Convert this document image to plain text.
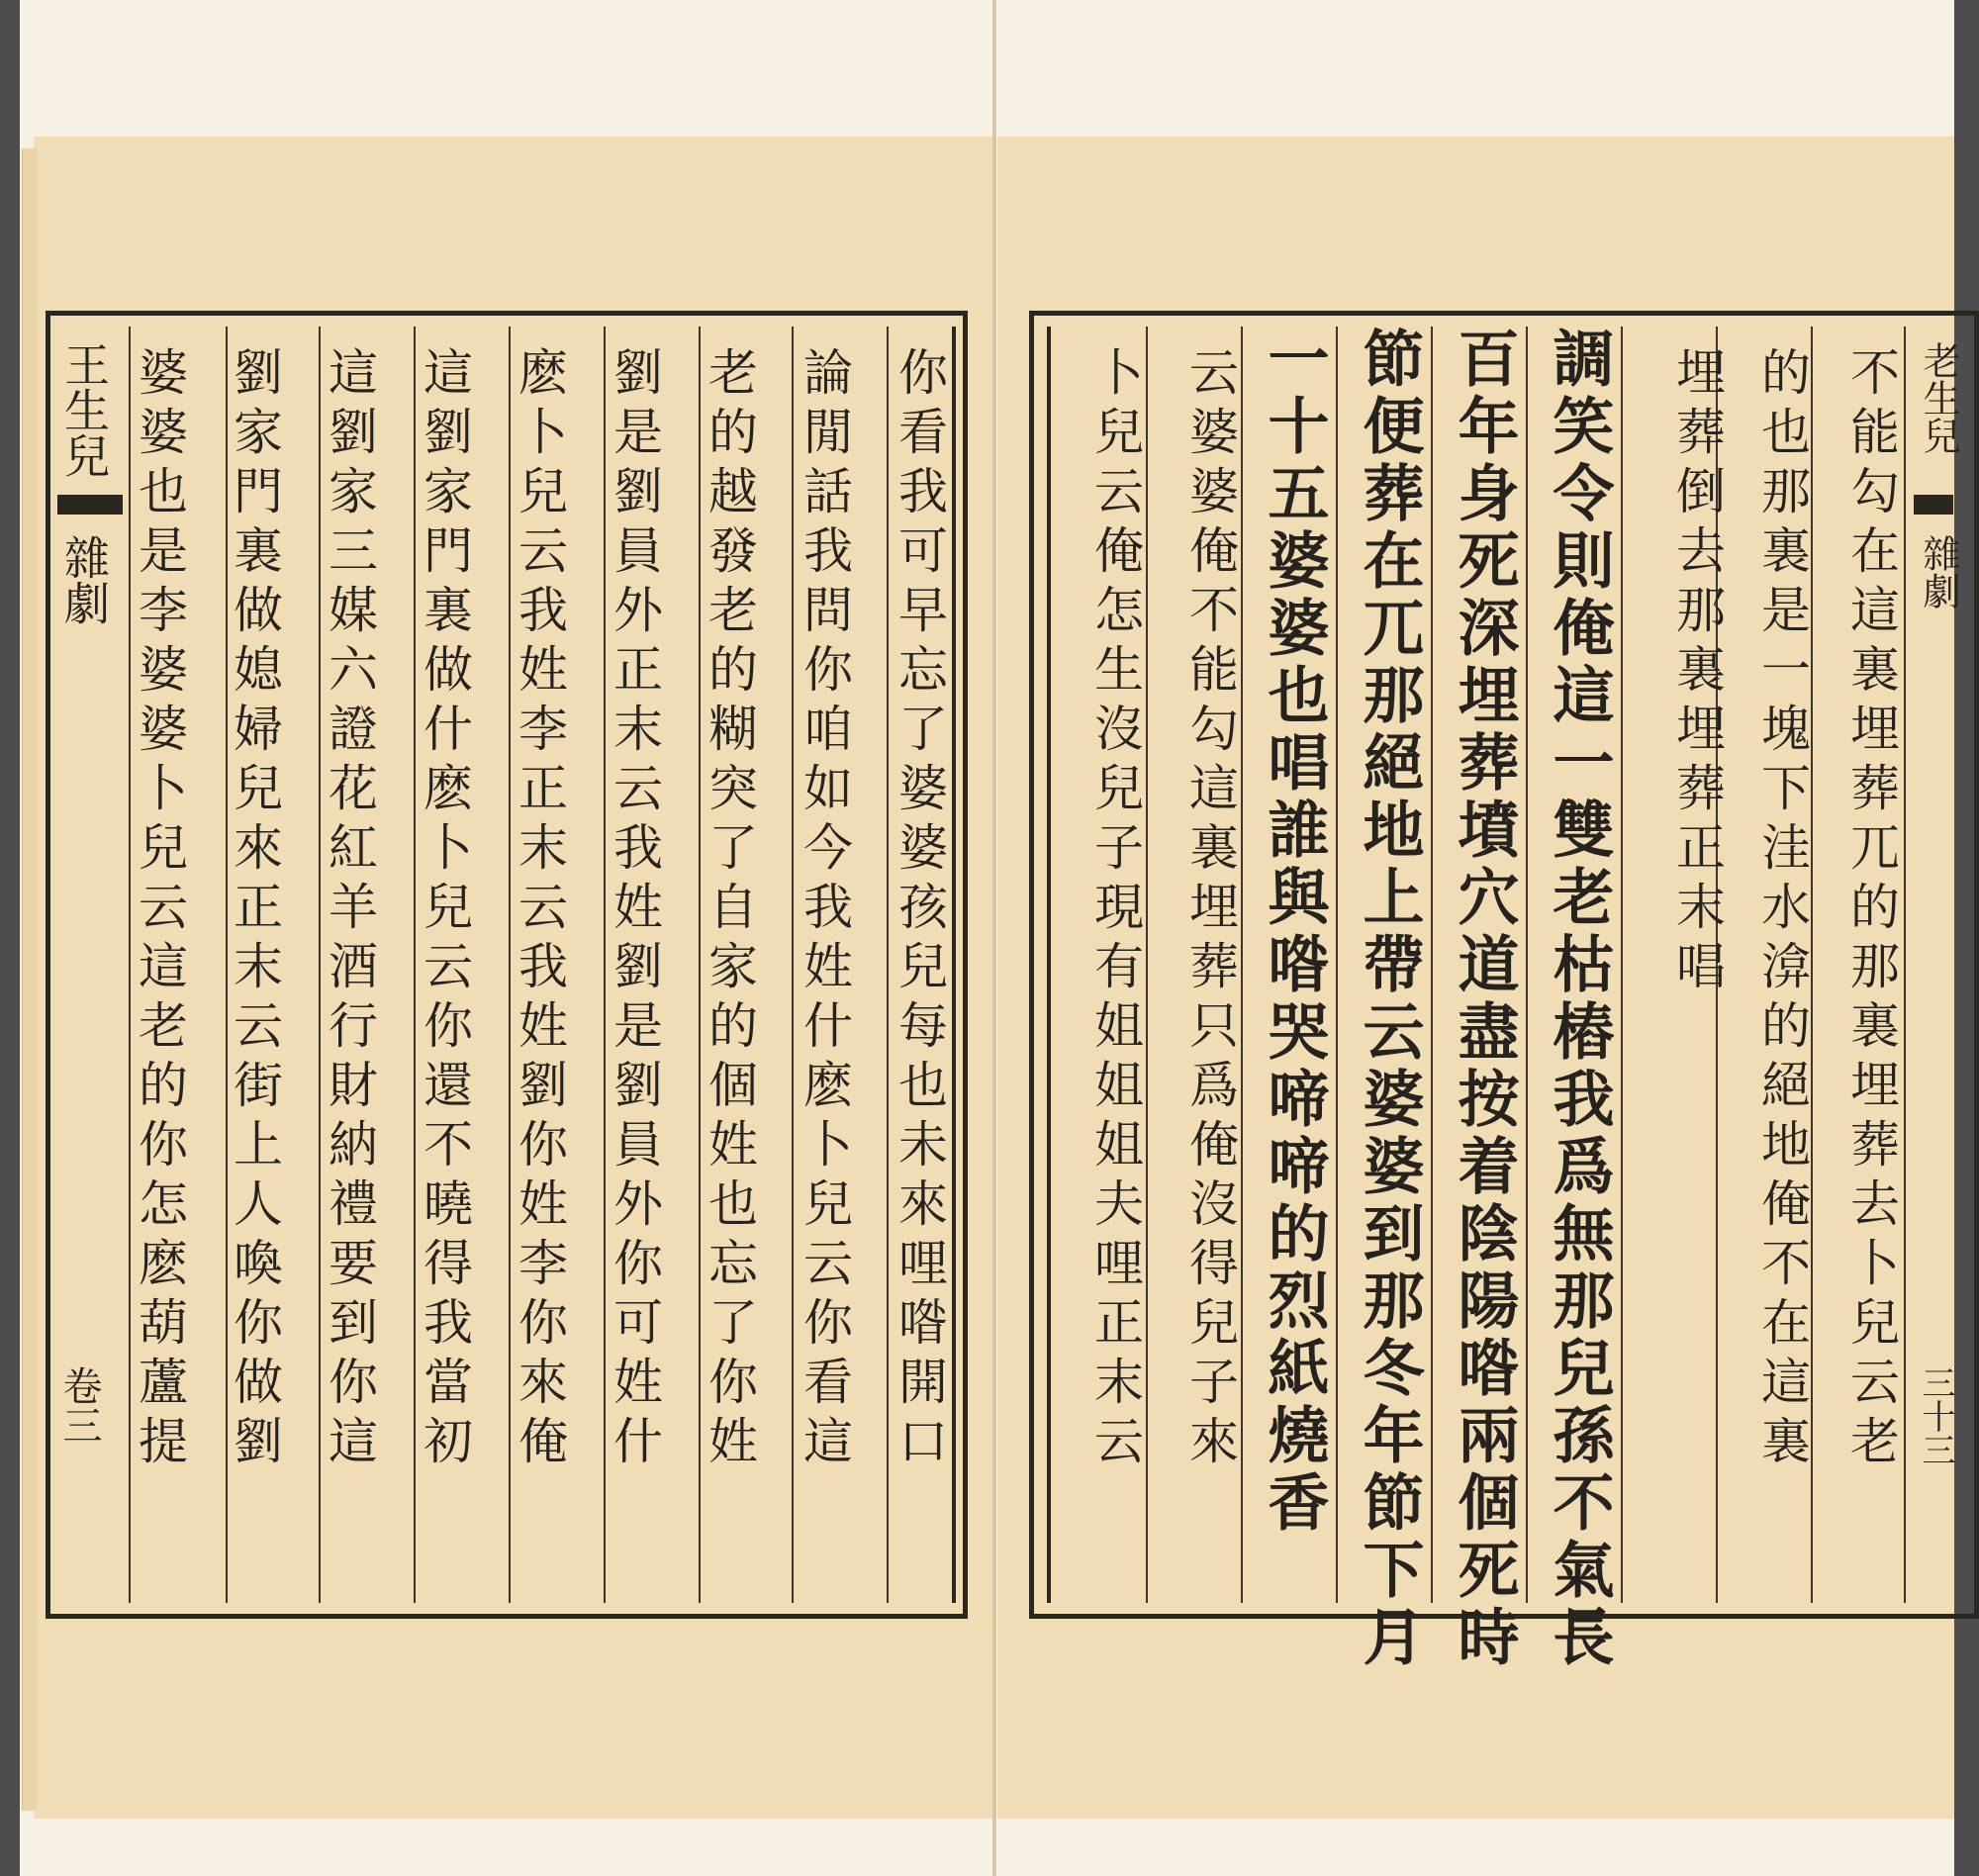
王生兒
雜劇
卷三	你看我可早忘了婆婆孩兒每也未來哩喒開口
論閒話我問你咱如今我姓什麽卜兒云你看這
老的越發老的糊突了自家的個姓也忘了你姓
劉是劉員外正末云我姓劉是劉員外你可姓什
麽卜兒云我姓李正末云我姓劉你姓李你來俺
這劉家門裏做什麽卜兒云你還不曉得我當初
這劉家三媒六證花紅羊酒行財納禮要到你這
劉家門裏做媳婦兒來正末云街上人喚你做劉
婆婆也是李婆婆卜兒云這老的你怎麽葫蘆提	不能勾在這裏埋葬兀的那裏埋葬去卜兒云老
的也那裏是一塊下洼水渰的絕地俺不在這裏
埋葬倒去那裏埋葬正末唱
調笑令則俺這一雙老枯樁我爲無那兒孫不氣長
百年身死深埋葬墳穴道盡按着陰陽喒兩個死時
節便葬在兀那絕地上帶云婆婆到那冬年節下月
一十五婆婆也唱誰與喒哭啼啼的烈紙燒香
云婆婆俺不能勾這裏埋葬只爲俺沒得兒子來
卜兒云俺怎生沒兒子現有姐姐姐夫哩正末云	老生兒
雜劇
三十三
